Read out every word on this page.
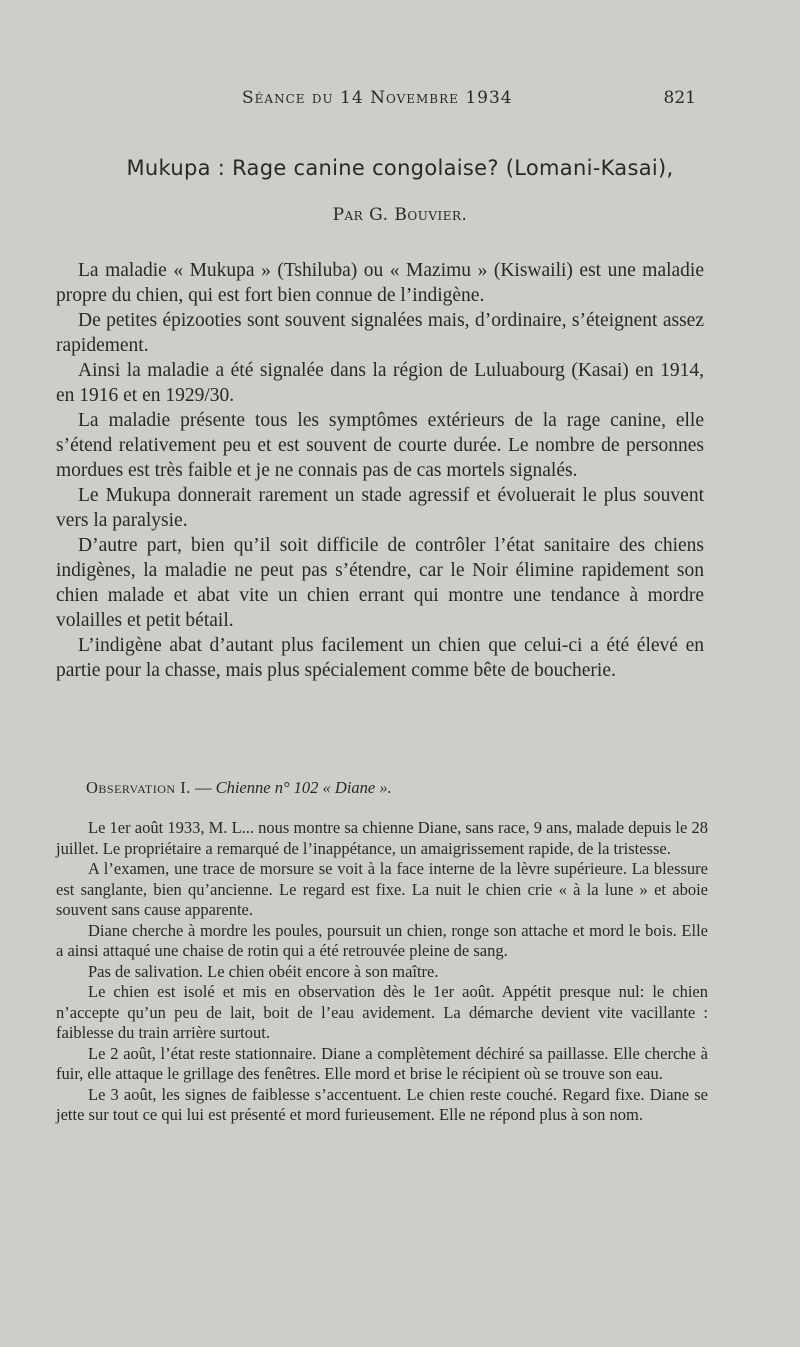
Séance du 14 Novembre 1934	821
Mukupa : Rage canine congolaise? (Lomani-Kasai),
Par G. Bouvier.

La maladie « Mukupa » (Tshiluba) ou « Mazimu » (Kiswaili) est une maladie propre du chien, qui est fort bien connue de l’indigène.

De petites épizooties sont souvent signalées mais, d’ordinaire, s’éteignent assez rapidement.

Ainsi la maladie a été signalée dans la région de Luluabourg (Kasai) en 1914, en 1916 et en 1929/30.

La maladie présente tous les symptômes extérieurs de la rage canine, elle s’étend relativement peu et est souvent de courte durée. Le nombre de personnes mordues est très faible et je ne connais pas de cas mortels signalés.

Le Mukupa donnerait rarement un stade agressif et évoluerait le plus souvent vers la paralysie.

D’autre part, bien qu’il soit difficile de contrôler l’état sanitaire des chiens indigènes, la maladie ne peut pas s’étendre, car le Noir élimine rapidement son chien malade et abat vite un chien errant qui montre une tendance à mordre volailles et petit bétail.

L’indigène abat d’autant plus facilement un chien que celui-ci a été élevé en partie pour la chasse, mais plus spécialement comme bête de boucherie.

Observation I. — Chienne n° 102 « Diane ».

Le 1er août 1933, M. L... nous montre sa chienne Diane, sans race, 9 ans, malade depuis le 28 juillet. Le propriétaire a remarqué de l’inappétance, un amaigrissement rapide, de la tristesse.

A l’examen, une trace de morsure se voit à la face interne de la lèvre supérieure. La blessure est sanglante, bien qu’ancienne. Le regard est fixe. La nuit le chien crie « à la lune » et aboie souvent sans cause apparente.

Diane cherche à mordre les poules, poursuit un chien, ronge son attache et mord le bois. Elle a ainsi attaqué une chaise de rotin qui a été retrouvée pleine de sang.

Pas de salivation. Le chien obéit encore à son maître.

Le chien est isolé et mis en observation dès le 1er août. Appétit presque nul: le chien n’accepte qu’un peu de lait, boit de l’eau avidement. La démarche devient vite vacillante : faiblesse du train arrière surtout.

Le 2 août, l’état reste stationnaire. Diane a complètement déchiré sa paillasse. Elle cherche à fuir, elle attaque le grillage des fenêtres. Elle mord et brise le récipient où se trouve son eau.

Le 3 août, les signes de faiblesse s’accentuent. Le chien reste couché. Regard fixe. Diane se jette sur tout ce qui lui est présenté et mord furieusement. Elle ne répond plus à son nom.
